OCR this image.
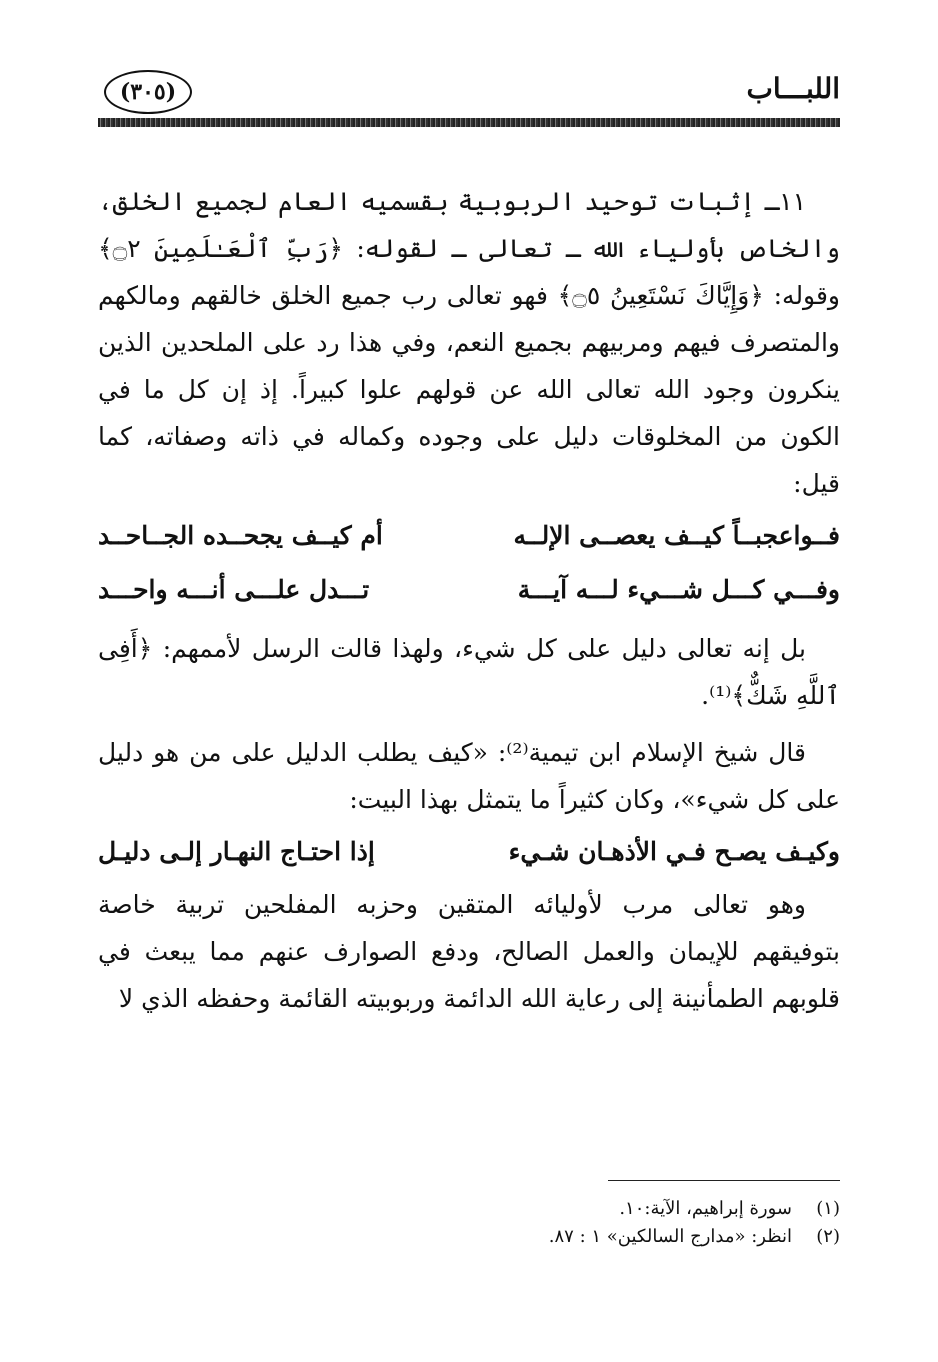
اللبـــاب
(٣٠٥)

١١ـ إثبات توحيد الربوبية بقسميه العام لجميع الخلق، والخاص بأولياء الله ـ تعالى ـ لقوله: ﴿رَبِّ ٱلْعَـٰلَمِينَ ۝٢﴾ وقوله: ﴿وَإِيَّاكَ نَسْتَعِينُ ۝٥﴾ فهو تعالى رب جميع الخلق خالقهم ومالكهم والمتصرف فيهم ومربيهم بجميع النعم، وفي هذا رد على الملحدين الذين ينكرون وجود الله تعالى الله عن قولهم علوا كبيراً. إذ إن كل ما في الكون من المخلوقات دليل على وجوده وكماله في ذاته وصفاته، كما قيل:

فــواعجبــاً كيــف يعصــى الإلــه
أم كيــف يجحــده الجــاحــد
وفـــي كـــل شـــيء لـــه آيـــة
تـــدل علـــى أنـــه واحـــد

بل إنه تعالى دليل على كل شيء، ولهذا قالت الرسل لأممهم: ﴿أَفِى ٱللَّهِ شَكٌّ﴾⁽¹⁾.

قال شيخ الإسلام ابن تيمية⁽²⁾: «كيف يطلب الدليل على من هو دليل على كل شيء»، وكان كثيراً ما يتمثل بهذا البيت:

وكيـف يصـح فـي الأذهـان شـيء
إذا احتـاج النهـار إلـى دليـل

وهو تعالى مرب لأوليائه المتقين وحزبه المفلحين تربية خاصة بتوفيقهم للإيمان والعمل الصالح، ودفع الصوارف عنهم مما يبعث في قلوبهم الطمأنينة إلى رعاية الله الدائمة وربوبيته القائمة وحفظه الذي لا

(١)سورة إبراهيم، الآية:١٠.
(٢)انظر: «مدارج السالكين» ١ : ٨٧.
